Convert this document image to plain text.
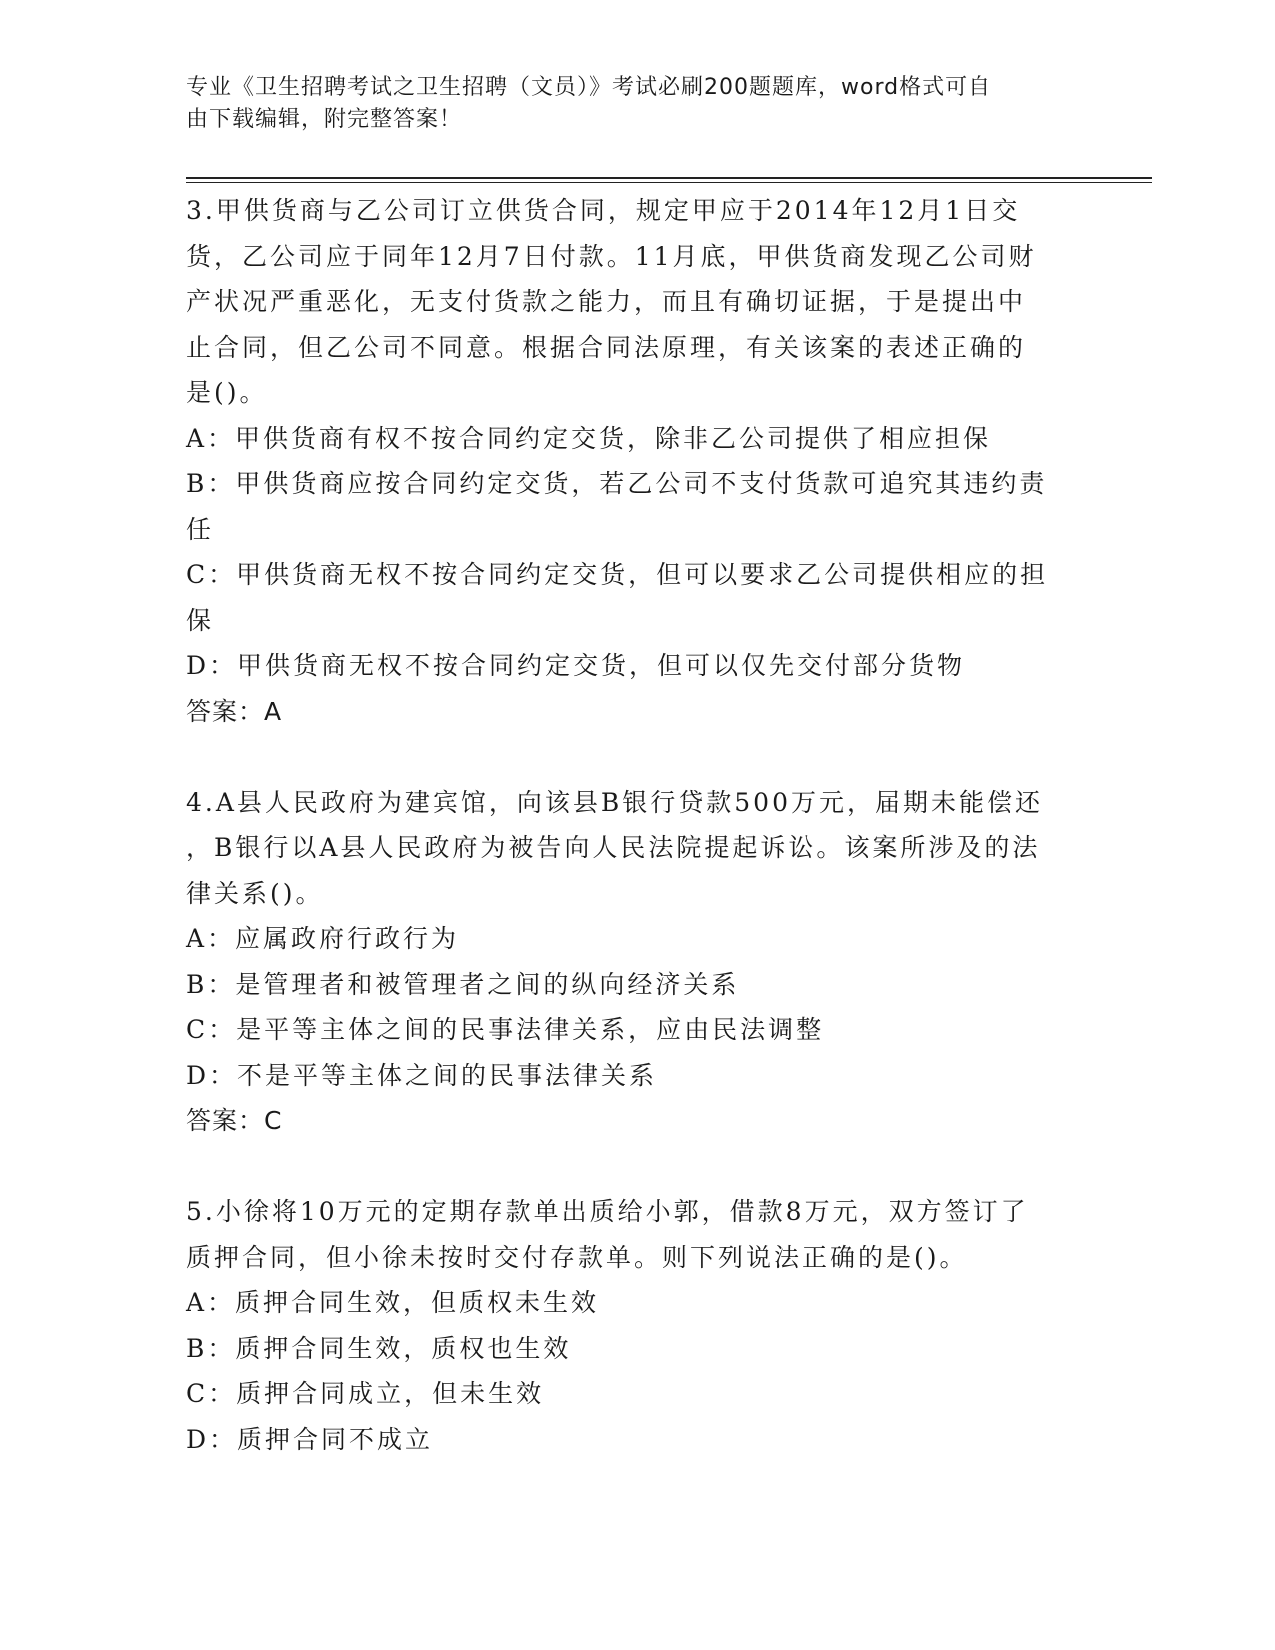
专业《卫生招聘考试之卫生招聘（文员）》考试必刷200题题库，word格式可自
由下载编辑，附完整答案！

3.甲供货商与乙公司订立供货合同，规定甲应于2014年12月1日交

货，乙公司应于同年12月7日付款。11月底，甲供货商发现乙公司财

产状况严重恶化，无支付货款之能力，而且有确切证据，于是提出中

止合同，但乙公司不同意。根据合同法原理，有关该案的表述正确的

是()。

A：甲供货商有权不按合同约定交货，除非乙公司提供了相应担保

B：甲供货商应按合同约定交货，若乙公司不支付货款可追究其违约责

任

C：甲供货商无权不按合同约定交货，但可以要求乙公司提供相应的担

保

D：甲供货商无权不按合同约定交货，但可以仅先交付部分货物

答案：A

4.A县人民政府为建宾馆，向该县B银行贷款500万元，届期未能偿还

，B银行以A县人民政府为被告向人民法院提起诉讼。该案所涉及的法

律关系()。

A：应属政府行政行为

B：是管理者和被管理者之间的纵向经济关系

C：是平等主体之间的民事法律关系，应由民法调整

D：不是平等主体之间的民事法律关系

答案：C

5.小徐将10万元的定期存款单出质给小郭，借款8万元，双方签订了

质押合同，但小徐未按时交付存款单。则下列说法正确的是()。

A：质押合同生效，但质权未生效

B：质押合同生效，质权也生效

C：质押合同成立，但未生效

D：质押合同不成立
